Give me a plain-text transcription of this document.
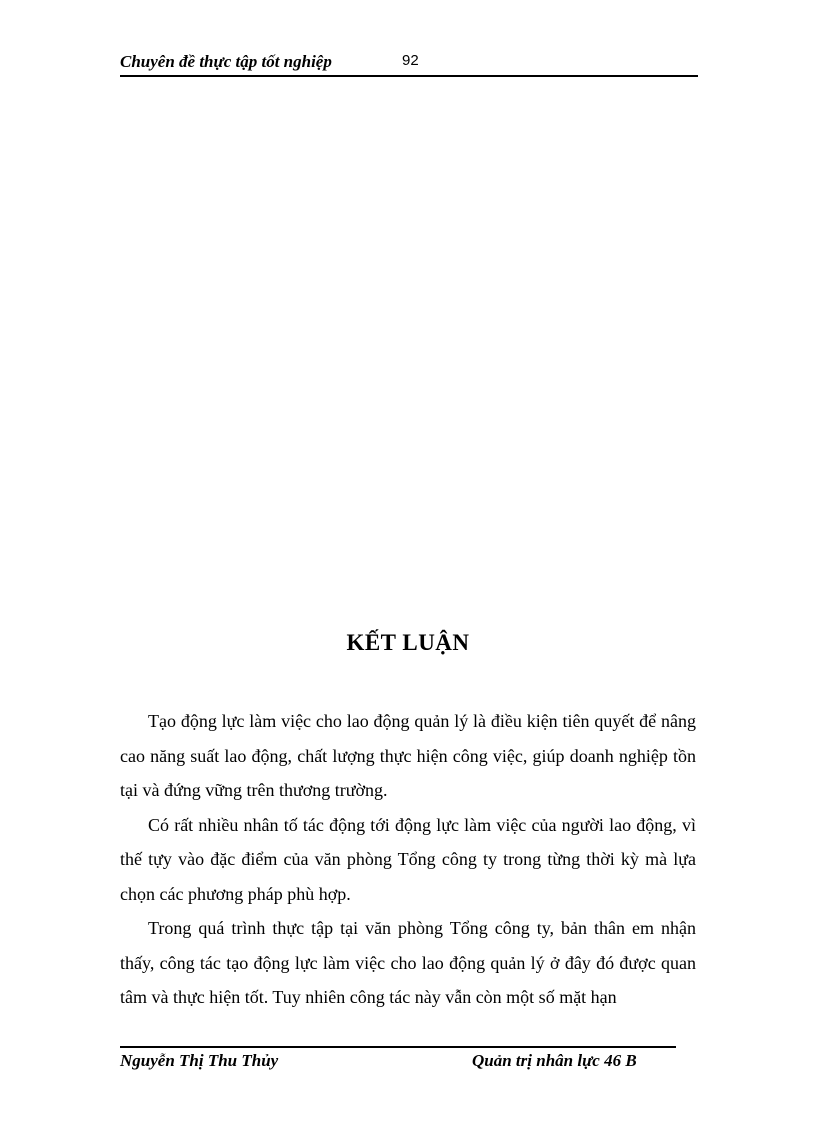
Chuyên đề thực tập tốt nghiệp	92
KẾT LUẬN

Tạo động lực làm việc cho lao động quản lý là điều kiện tiên quyết để nâng cao năng suất lao động, chất lượng thực hiện công việc, giúp doanh nghiệp tồn tại và đứng vững trên thương trường.

Có rất nhiều nhân tố tác động tới động lực làm việc của người lao động, vì thế tựy vào đặc điểm của văn phòng Tổng công ty trong từng thời kỳ mà lựa chọn các phương pháp phù hợp.

Trong quá trình thực tập tại văn phòng Tổng công ty, bản thân em nhận thấy, công tác tạo động lực làm việc cho lao động quản lý ở đây đó được quan tâm và thực hiện tốt. Tuy nhiên công tác này vẫn còn một số mặt hạn

Nguyễn Thị Thu Thủy	Quản trị nhân lực 46 B
